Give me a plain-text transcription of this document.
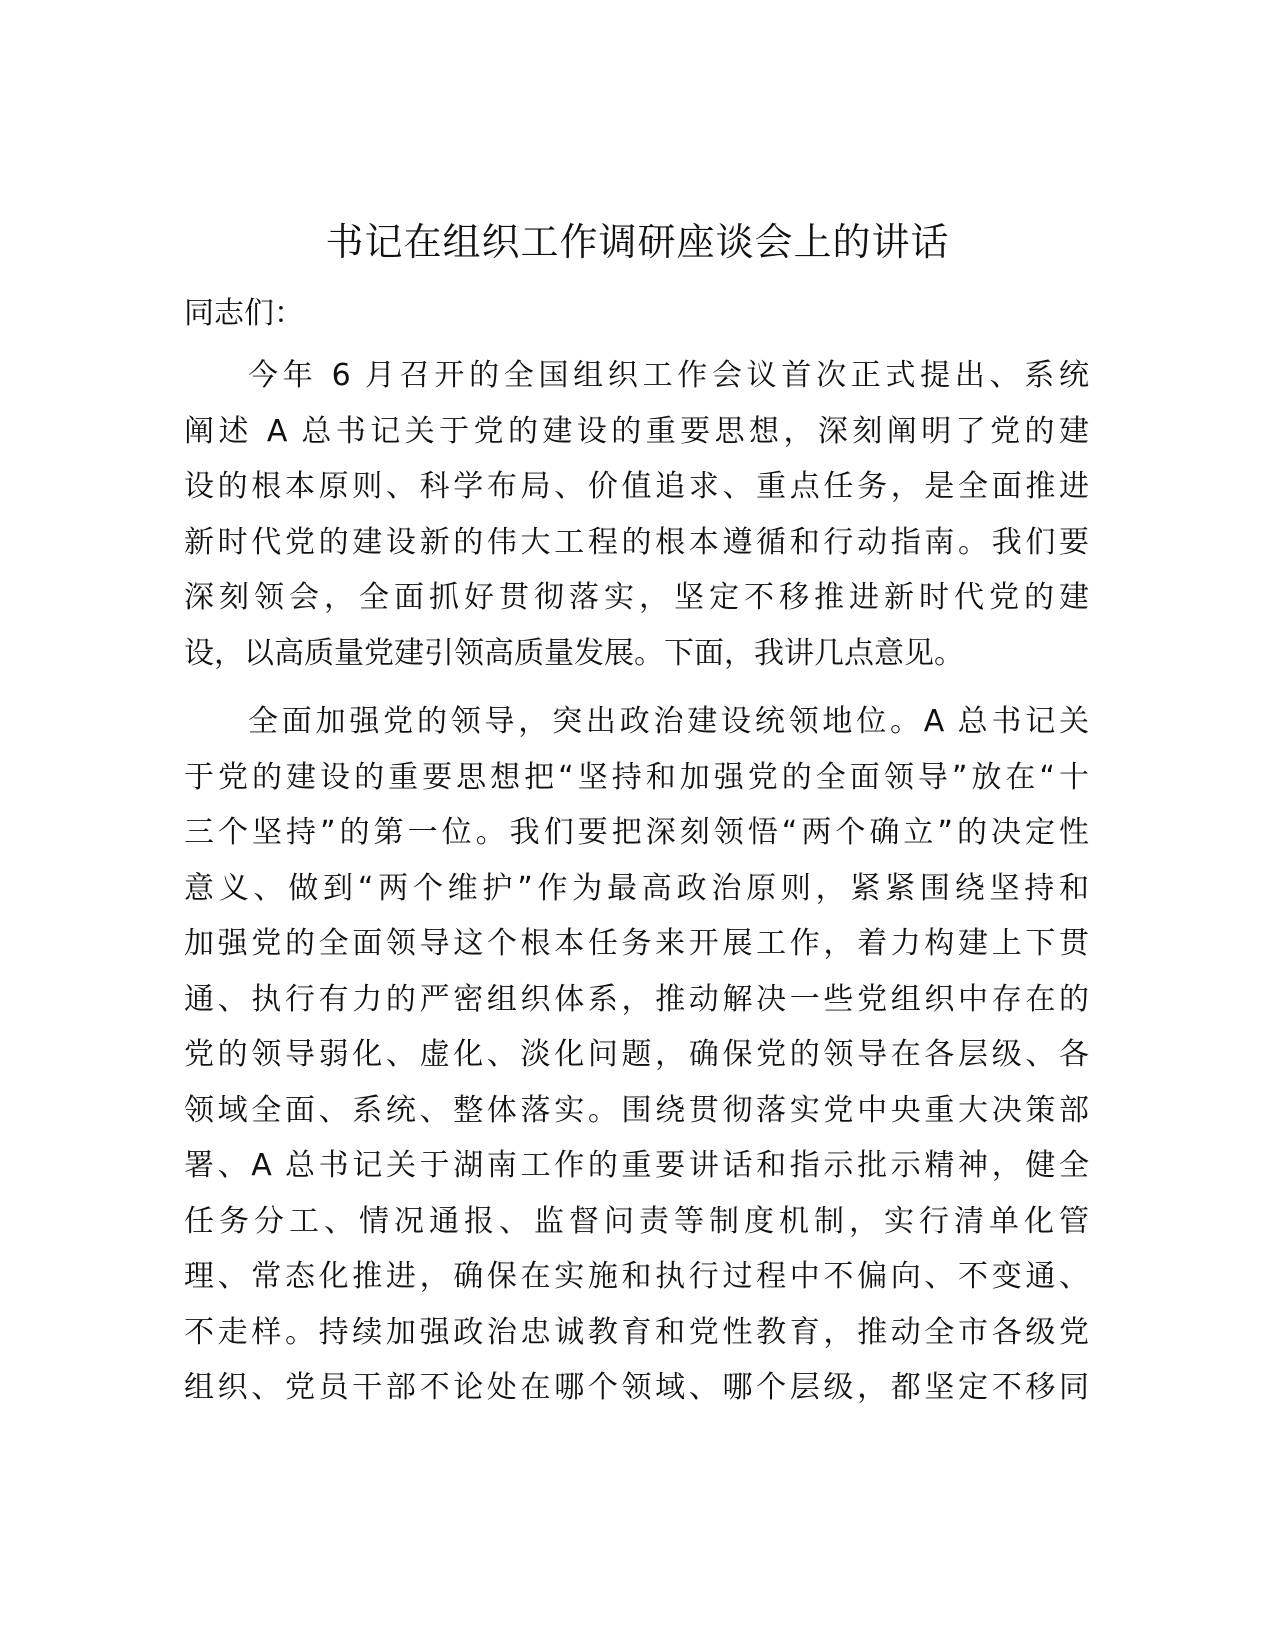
书记在组织工作调研座谈会上的讲话
同志们：
今年 6 月召开的全国组织工作会议首次正式提出、系统
阐述 A 总书记关于党的建设的重要思想，深刻阐明了党的建
设的根本原则、科学布局、价值追求、重点任务，是全面推进
新时代党的建设新的伟大工程的根本遵循和行动指南。我们要
深刻领会，全面抓好贯彻落实，坚定不移推进新时代党的建
设，以高质量党建引领高质量发展。下面，我讲几点意见。
全面加强党的领导，突出政治建设统领地位。A 总书记关
于党的建设的重要思想把“坚持和加强党的全面领导”放在“十
三个坚持”的第一位。我们要把深刻领悟“两个确立”的决定性
意义、做到“两个维护”作为最高政治原则，紧紧围绕坚持和
加强党的全面领导这个根本任务来开展工作，着力构建上下贯
通、执行有力的严密组织体系，推动解决一些党组织中存在的
党的领导弱化、虚化、淡化问题，确保党的领导在各层级、各
领域全面、系统、整体落实。围绕贯彻落实党中央重大决策部
署、A 总书记关于湖南工作的重要讲话和指示批示精神，健全
任务分工、情况通报、监督问责等制度机制，实行清单化管
理、常态化推进，确保在实施和执行过程中不偏向、不变通、
不走样。持续加强政治忠诚教育和党性教育，推动全市各级党
组织、党员干部不论处在哪个领域、哪个层级，都坚定不移同
